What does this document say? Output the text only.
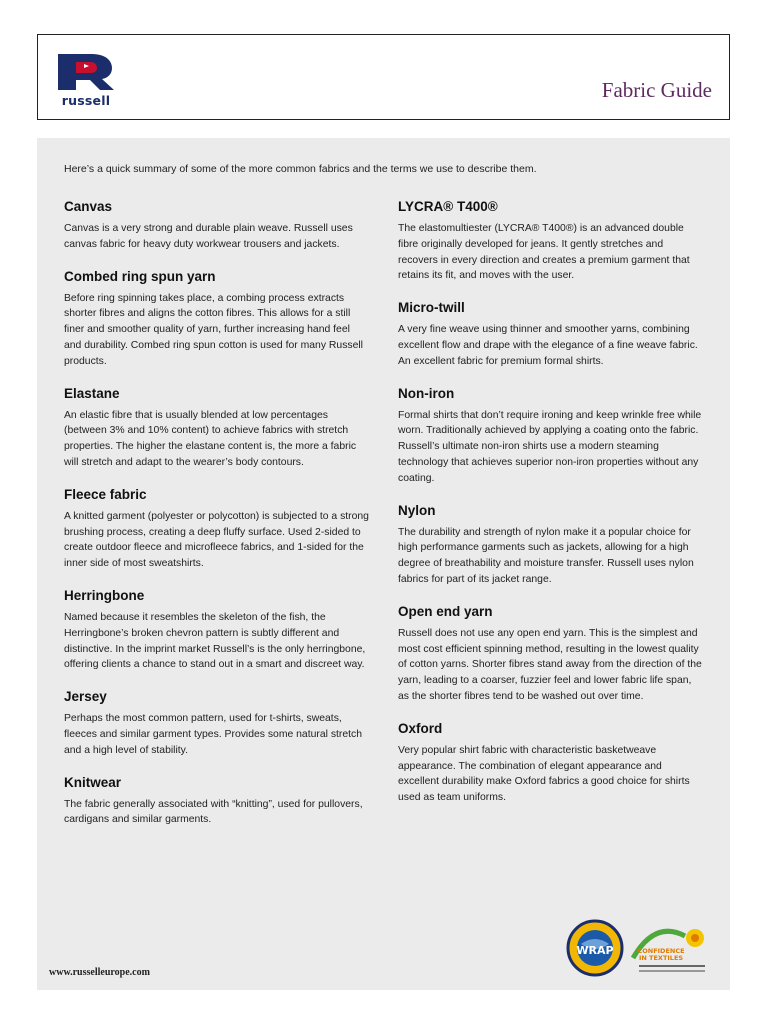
russell	Fabric Guide
Here’s a quick summary of some of the more common fabrics and the terms we use to describe them.
Canvas

Canvas is a very strong and durable plain weave. Russell uses canvas fabric for heavy duty workwear trousers and jackets.

Combed ring spun yarn

Before ring spinning takes place, a combing process extracts shorter fibres and aligns the cotton fibres. This allows for a still finer and smoother quality of yarn, further increasing hand feel and durability. Combed ring spun cotton is used for many Russell products.

Elastane

An elastic fibre that is usually blended at low percentages (between 3% and 10% content) to achieve fabrics with stretch properties. The higher the elastane content is, the more a fabric will stretch and adapt to the wearer’s body contours.

Fleece fabric

A knitted garment (polyester or polycotton) is subjected to a strong brushing process, creating a deep fluffy surface. Used 2-sided to create outdoor fleece and microfleece fabrics, and 1-sided for the inner side of most sweatshirts.

Herringbone

Named because it resembles the skeleton of the fish, the Herringbone’s broken chevron pattern is subtly different and distinctive. In the imprint market Russell’s is the only herringbone, offering clients a chance to stand out in a smart and discreet way.

Jersey

Perhaps the most common pattern, used for t-shirts, sweats, fleeces and similar garment types. Provides some natural stretch and a high level of stability.

Knitwear

The fabric generally associated with “knitting”, used for pullovers, cardigans and similar garments.

LYCRA® T400®

The elastomultiester (LYCRA® T400®) is an advanced double fibre originally developed for jeans. It gently stretches and recovers in every direction and creates a premium garment that retains its fit, and moves with the user.

Micro-twill

A very fine weave using thinner and smoother yarns, combining excellent flow and drape with the elegance of a fine weave fabric. An excellent fabric for premium formal shirts.

Non-iron

Formal shirts that don’t require ironing and keep wrinkle free while worn. Traditionally achieved by applying a coating onto the fabric. Russell’s ultimate non-iron shirts use a modern steaming technology that achieves superior non-iron properties without any coating.

Nylon

The durability and strength of nylon make it a popular choice for high performance garments such as jackets, allowing for a high degree of breathability and moisture transfer. Russell uses nylon fabrics for part of its jacket range.

Open end yarn

Russell does not use any open end yarn. This is the simplest and most cost efficient spinning method, resulting in the lowest quality of cotton yarns. Shorter fibres stand away from the direction of the yarn, leading to a coarser, fuzzier feel and lower fabric life span, as the shorter fibres tend to be washed out over time.

Oxford

Very popular shirt fabric with characteristic basketweave appearance. The combination of elegant appearance and excellent durability make Oxford fabrics a good choice for shirts used as team uniforms.

WRAP	CONFIDENCE
IN TEXTILES
www.russelleurope.com
